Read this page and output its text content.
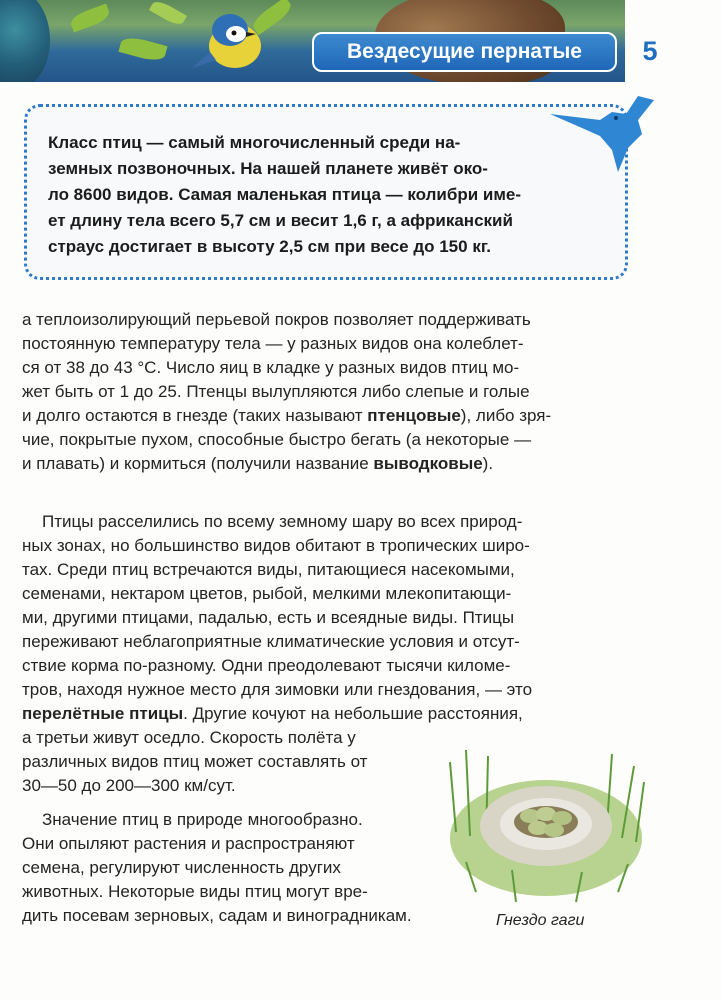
Вездесущие пернатые	5
Класс птиц — самый многочисленный среди на-
земных позвоночных. На нашей планете живёт око-
ло 8600 видов. Самая маленькая птица — колибри име-
ет длину тела всего 5,7 см и весит 1,6 г, а африканский
страус достигает в высоту 2,5 см при весе до 150 кг.
а теплоизолирующий перьевой покров позволяет поддерживать
постоянную температуру тела — у разных видов она колеблет-
ся от 38 до 43 °С. Число яиц в кладке у разных видов птиц мо-
жет быть от 1 до 25. Птенцы вылупляются либо слепые и голые
и долго остаются в гнезде (таких называют птенцовые), либо зря-
чие, покрытые пухом, способные быстро бегать (а некоторые —
и плавать) и кормиться (получили название выводковые).
Птицы расселились по всему земному шару во всех природ-
ных зонах, но большинство видов обитают в тропических широ-
тах. Среди птиц встречаются виды, питающиеся насекомыми,
семенами, нектаром цветов, рыбой, мелкими млекопитающи-
ми, другими птицами, падалью, есть и всеядные виды. Птицы
переживают неблагоприятные климатические условия и отсут-
ствие корма по-разному. Одни преодолевают тысячи киломе-
тров, находя нужное место для зимовки или гнездования, — это
перелётные птицы. Другие кочуют на небольшие расстояния,
а третьи живут оседло. Скорость полёта у
различных видов птиц может составлять от
30—50 до 200—300 км/сут.
Значение птиц в природе многообразно.
Они опыляют растения и распространяют
семена, регулируют численность других
животных. Некоторые виды птиц могут вре-
дить посевам зерновых, садам и виноградникам.	Гнездо гаги
